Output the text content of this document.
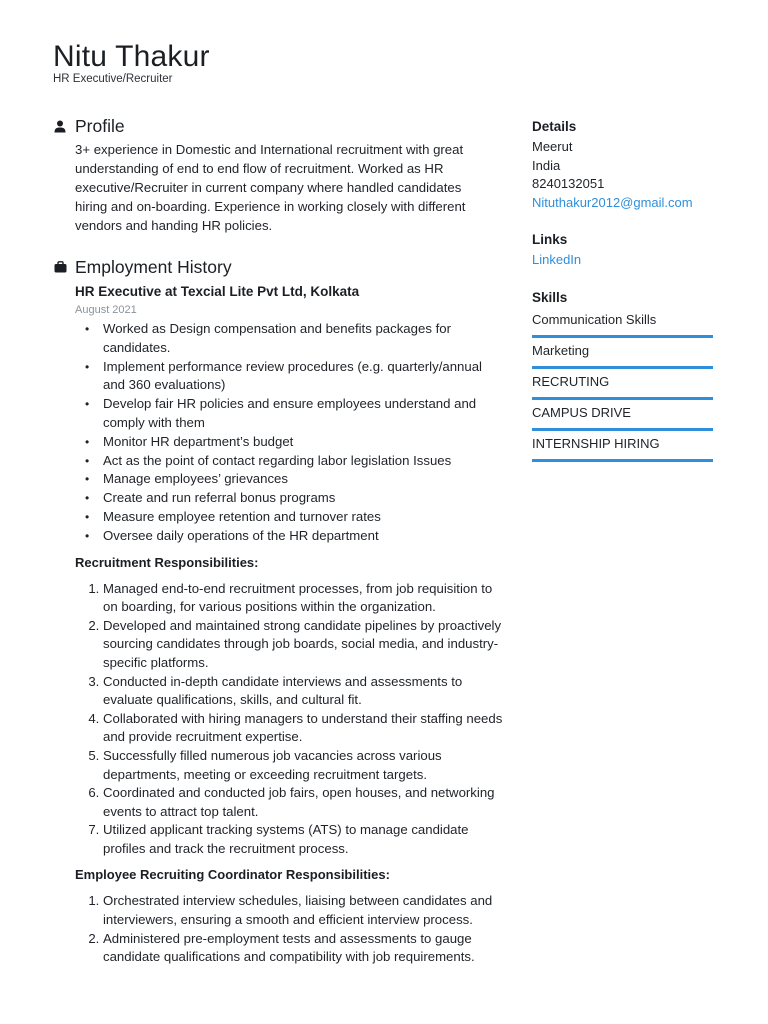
Nitu Thakur
HR Executive/Recruiter
Profile
3+ experience in Domestic and International recruitment with great understanding of end to end flow of recruitment. Worked as HR executive/Recruiter in current company where handled candidates hiring and on-boarding. Experience in working closely with different vendors and handing HR policies.
Employment History
HR Executive at Texcial Lite Pvt Ltd, Kolkata
August 2021
• Worked as Design compensation and benefits packages for candidates.
• Implement performance review procedures (e.g. quarterly/annual and 360 evaluations)
• Develop fair HR policies and ensure employees understand and comply with them
• Monitor HR department’s budget
• Act as the point of contact regarding labor legislation Issues
• Manage employees’ grievances
• Create and run referral bonus programs
• Measure employee retention and turnover rates
• Oversee daily operations of the HR department
Recruitment Responsibilities:
1. Managed end-to-end recruitment processes, from job requisition to on boarding, for various positions within the organization.
2. Developed and maintained strong candidate pipelines by proactively sourcing candidates through job boards, social media, and industry-specific platforms.
3. Conducted in-depth candidate interviews and assessments to evaluate qualifications, skills, and cultural fit.
4. Collaborated with hiring managers to understand their staffing needs and provide recruitment expertise.
5. Successfully filled numerous job vacancies across various departments, meeting or exceeding recruitment targets.
6. Coordinated and conducted job fairs, open houses, and networking events to attract top talent.
7. Utilized applicant tracking systems (ATS) to manage candidate profiles and track the recruitment process.
Employee Recruiting Coordinator Responsibilities:
1. Orchestrated interview schedules, liaising between candidates and interviewers, ensuring a smooth and efficient interview process.
2. Administered pre-employment tests and assessments to gauge candidate qualifications and compatibility with job requirements.
Details
Meerut
India
8240132051
Nituthakur2012@gmail.com
Links
LinkedIn
Skills
Communication Skills
Marketing
RECRUTING
CAMPUS DRIVE
INTERNSHIP HIRING
